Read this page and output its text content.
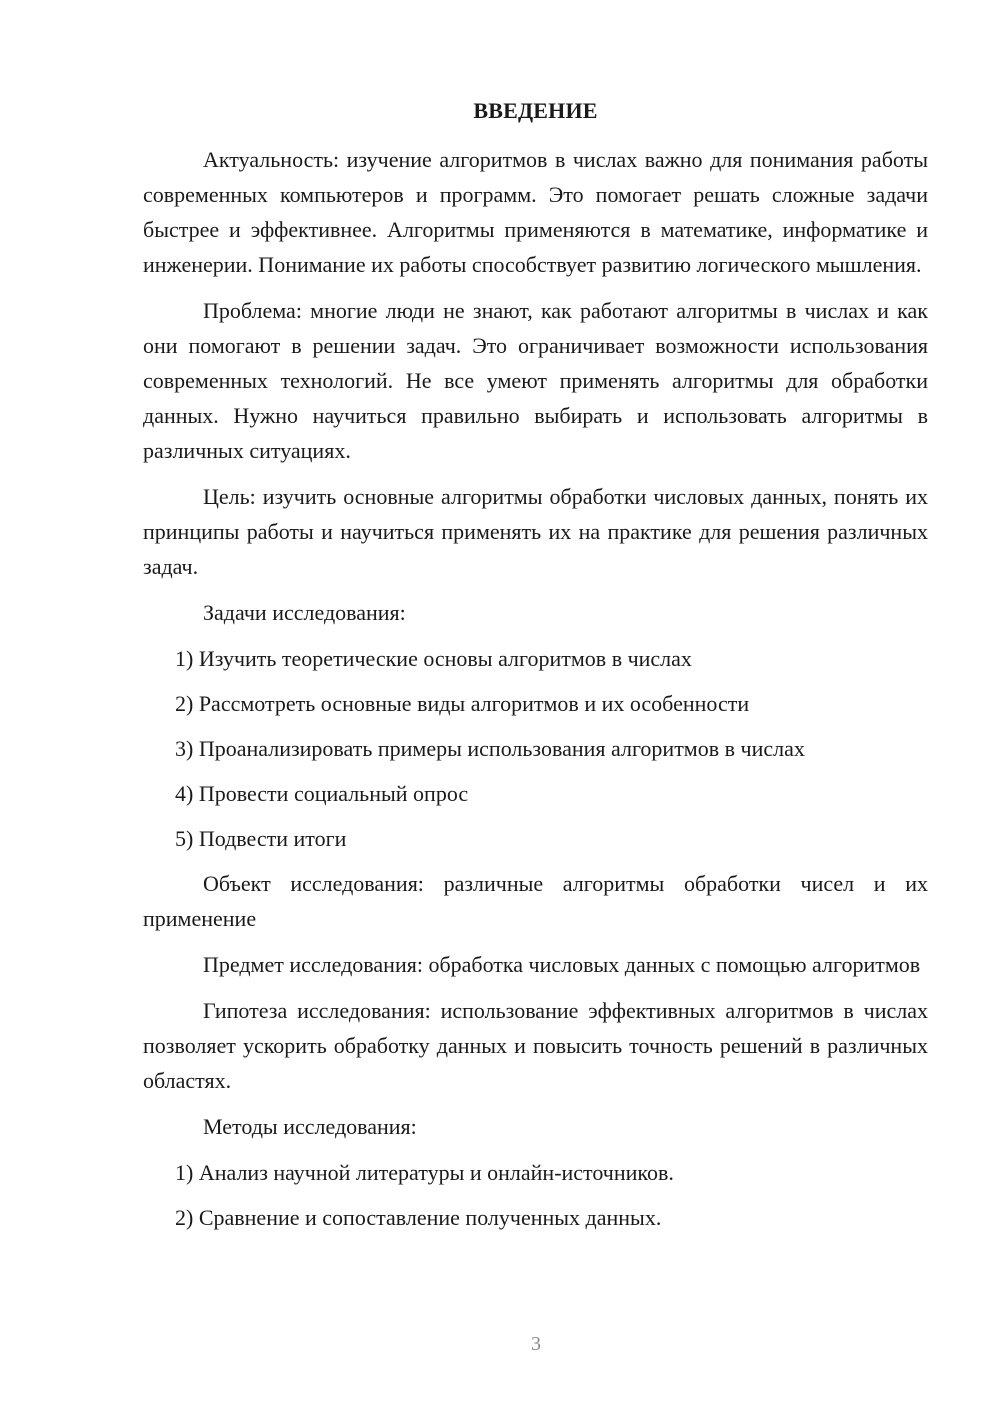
ВВЕДЕНИЕ

Актуальность: изучение алгоритмов в числах важно для понимания работы современных компьютеров и программ. Это помогает решать сложные задачи быстрее и эффективнее. Алгоритмы применяются в математике, информатике и инженерии. Понимание их работы способствует развитию логического мышления.

Проблема: многие люди не знают, как работают алгоритмы в числах и как они помогают в решении задач. Это ограничивает возможности использования современных технологий. Не все умеют применять алгоритмы для обработки данных. Нужно научиться правильно выбирать и использовать алгоритмы в различных ситуациях.

Цель: изучить основные алгоритмы обработки числовых данных, понять их принципы работы и научиться применять их на практике для решения различных задач.

Задачи исследования:

1) Изучить теоретические основы алгоритмов в числах
2) Рассмотреть основные виды алгоритмов и их особенности
3) Проанализировать примеры использования алгоритмов в числах
4) Провести социальный опрос
5) Подвести итоги

Объект исследования: различные алгоритмы обработки чисел и их применение

Предмет исследования: обработка числовых данных с помощью алгоритмов

Гипотеза исследования: использование эффективных алгоритмов в числах позволяет ускорить обработку данных и повысить точность решений в различных областях.

Методы исследования:

1) Анализ научной литературы и онлайн-источников.
2) Сравнение и сопоставление полученных данных.
3
